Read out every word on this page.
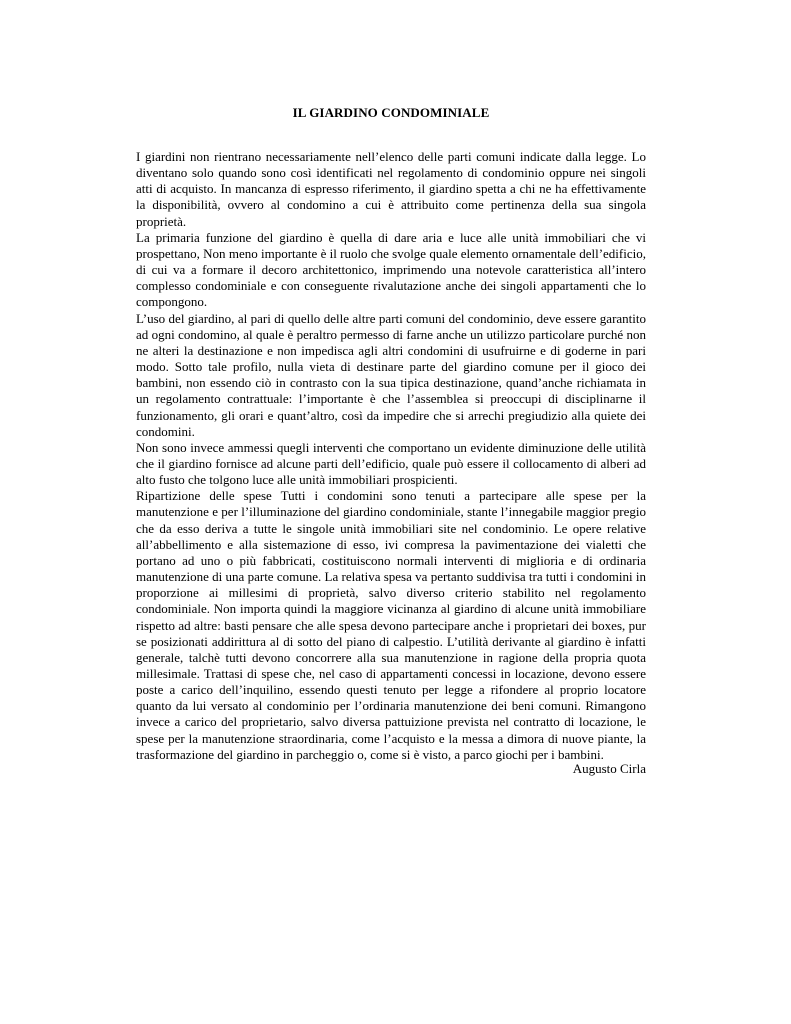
IL GIARDINO CONDOMINIALE

I giardini non rientrano necessariamente nell’elenco delle parti comuni indicate dalla legge. Lo diventano solo quando sono così identificati nel regolamento di condominio oppure nei singoli atti di acquisto. In mancanza di espresso riferimento, il giardino spetta a chi ne ha effettivamente la disponibilità, ovvero al condomino a cui è attribuito come pertinenza della sua singola proprietà.

La primaria funzione del giardino è quella di dare aria e luce alle unità immobiliari che vi prospettano, Non meno importante è il ruolo che svolge quale elemento ornamentale dell’edificio, di cui va a formare il decoro architettonico, imprimendo una notevole caratteristica all’intero complesso condominiale e con conseguente rivalutazione anche dei singoli appartamenti che lo compongono.

L’uso del giardino, al pari di quello delle altre parti comuni del condominio, deve essere garantito ad ogni condomino, al quale è peraltro permesso di farne anche un utilizzo particolare purché non ne alteri la destinazione e non impedisca agli altri condomini di usufruirne e di goderne in pari modo. Sotto tale profilo, nulla vieta di destinare parte del giardino comune per il gioco dei bambini, non essendo ciò in contrasto con la sua tipica destinazione, quand’anche richiamata in un regolamento contrattuale: l’importante è che l’assemblea si preoccupi di disciplinarne il funzionamento, gli orari e quant’altro, così da impedire che si arrechi pregiudizio alla quiete dei condomini.

Non sono invece ammessi quegli interventi che comportano un evidente diminuzione delle utilità che il giardino fornisce ad alcune parti dell’edificio, quale può essere il collocamento di alberi ad alto fusto che tolgono luce alle unità immobiliari prospicienti.

Ripartizione delle spese Tutti i condomini sono tenuti a partecipare alle spese per la manutenzione e per l’illuminazione del giardino condominiale, stante l’innegabile maggior pregio che da esso deriva a tutte le singole unità immobiliari site nel condominio. Le opere relative all’abbellimento e alla sistemazione di esso, ivi compresa la pavimentazione dei vialetti che portano ad uno o più fabbricati, costituiscono normali interventi di miglioria e di ordinaria manutenzione di una parte comune. La relativa spesa va pertanto suddivisa tra tutti i condomini in proporzione ai millesimi di proprietà, salvo diverso criterio stabilito nel regolamento condominiale. Non importa quindi la maggiore vicinanza al giardino di alcune unità immobiliare rispetto ad altre: basti pensare che alle spesa devono partecipare anche i proprietari dei boxes, pur se posizionati addirittura al di sotto del piano di calpestio. L’utilità derivante al giardino è infatti generale, talchè tutti devono concorrere alla sua manutenzione in ragione della propria quota millesimale. Trattasi di spese che, nel caso di appartamenti concessi in locazione, devono essere poste a carico dell’inquilino, essendo questi tenuto per legge a rifondere al proprio locatore quanto da lui versato al condominio per l’ordinaria manutenzione dei beni comuni. Rimangono invece a carico del proprietario, salvo diversa pattuizione prevista nel contratto di locazione, le spese per la manutenzione straordinaria, come l’acquisto e la messa a dimora di nuove piante, la trasformazione del giardino in parcheggio o, come si è visto, a parco giochi per i bambini.

Augusto Cirla
